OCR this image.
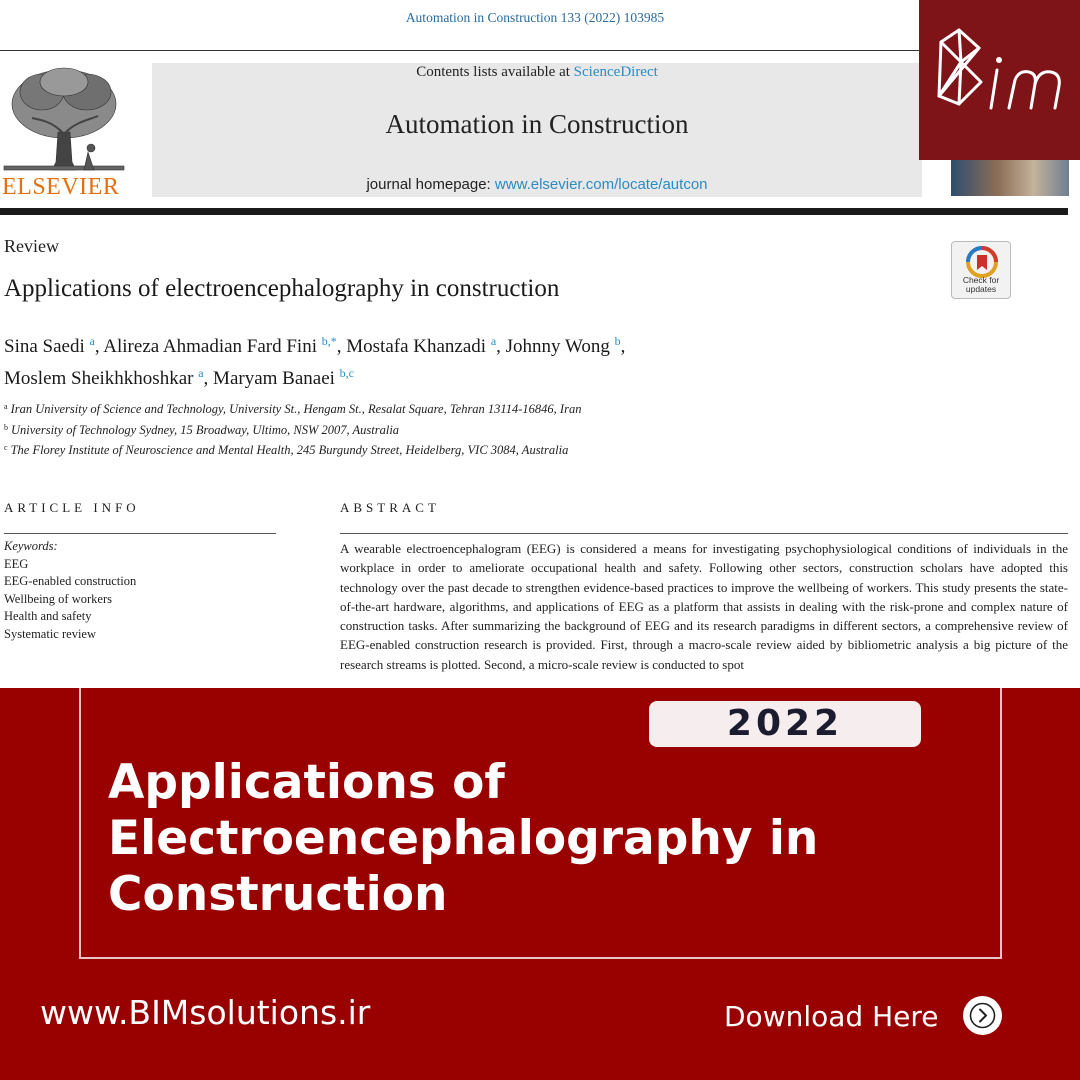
Automation in Construction 133 (2022) 103985
ELSEVIER
Contents lists available at ScienceDirect
Automation in Construction
journal homepage: www.elsevier.com/locate/autcon
Review
Applications of electroencephalography in construction	Check for
updates
Sina Saedi $^a$, Alireza Ahmadian Fard Fini $^{b,*}$, Mostafa Khanzadi $^a$, Johnny Wong $^b$,
Moslem Sheikhkhoshkar $^a$, Maryam Banaei $^{b,c}$
$^a$ Iran University of Science and Technology, University St., Hengam St., Resalat Square, Tehran 13114-16846, Iran
$^b$ University of Technology Sydney, 15 Broadway, Ultimo, NSW 2007, Australia
$^c$ The Florey Institute of Neuroscience and Mental Health, 245 Burgundy Street, Heidelberg, VIC 3084, Australia
ARTICLE INFO	ABSTRACT
Keywords:
EEG
EEG-enabled construction
Wellbeing of workers
Health and safety
Systematic review
A wearable electroencephalogram (EEG) is considered a means for investigating psychophysiological conditions of individuals in the workplace in order to ameliorate occupational health and safety. Following other sectors, construction scholars have adopted this technology over the past decade to strengthen evidence-based practices to improve the wellbeing of workers. This study presents the state-of-the-art hardware, algorithms, and applications of EEG as a platform that assists in dealing with the risk-prone and complex nature of construction tasks. After summarizing the background of EEG and its research paradigms in different sectors, a comprehensive review of EEG-enabled construction research is provided. First, through a macro-scale review aided by bibliometric analysis a big picture of the research streams is plotted. Second, a micro-scale review is conducted to spot
2022
Applications of
Electroencephalography in
Construction
www.BIMsolutions.ir	Download Here
